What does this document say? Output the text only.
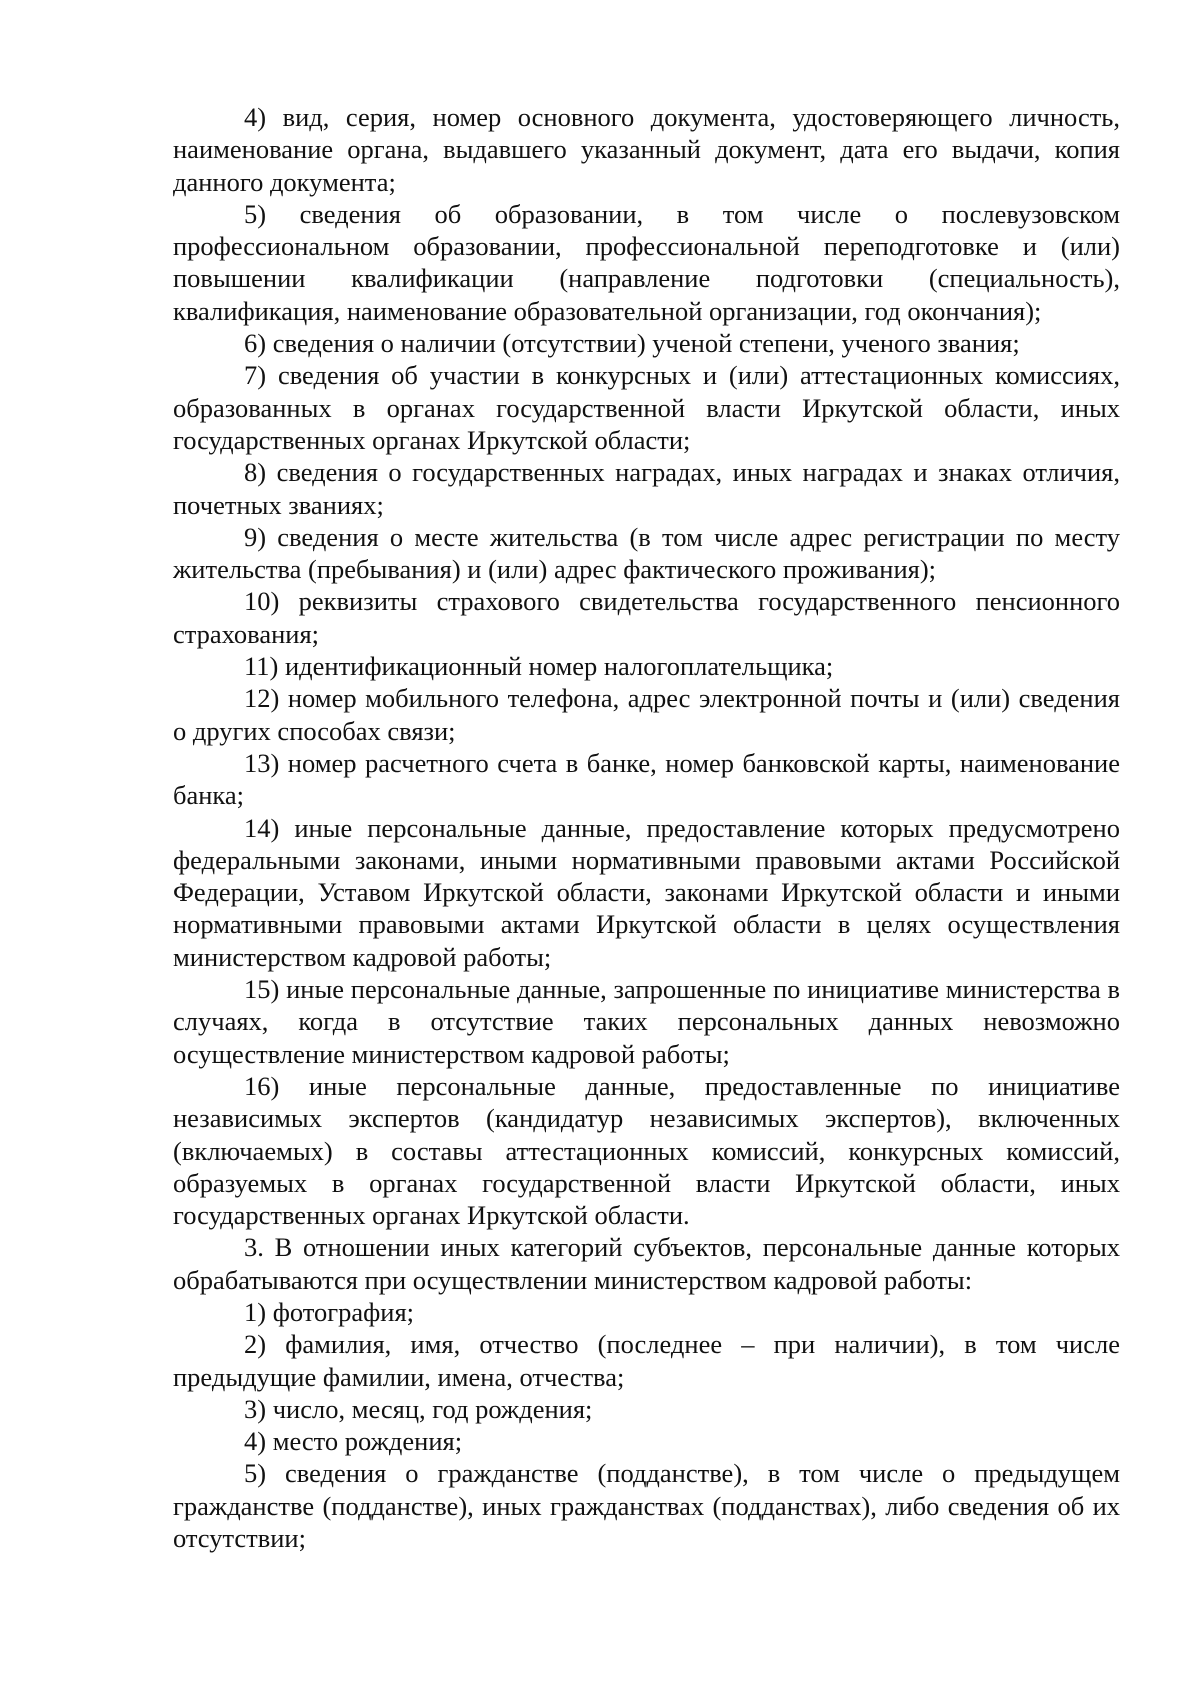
4) вид, серия, номер основного документа, удостоверяющего личность, наименование органа, выдавшего указанный документ, дата его выдачи, копия данного документа;

5) сведения об образовании, в том числе о послевузовском профессиональном образовании, профессиональной переподготовке и (или) повышении квалификации (направление подготовки (специальность), квалификация, наименование образовательной организации, год окончания);

6) сведения о наличии (отсутствии) ученой степени, ученого звания;

7) сведения об участии в конкурсных и (или) аттестационных комиссиях, образованных в органах государственной власти Иркутской области, иных государственных органах Иркутской области;

8) сведения о государственных наградах, иных наградах и знаках отличия, почетных званиях;

9) сведения о месте жительства (в том числе адрес регистрации по месту жительства (пребывания) и (или) адрес фактического проживания);

10) реквизиты страхового свидетельства государственного пенсионного страхования;

11) идентификационный номер налогоплательщика;

12) номер мобильного телефона, адрес электронной почты и (или) сведения о других способах связи;

13) номер расчетного счета в банке, номер банковской карты, наименование банка;

14) иные персональные данные, предоставление которых предусмотрено федеральными законами, иными нормативными правовыми актами Российской Федерации, Уставом Иркутской области, законами Иркутской области и иными нормативными правовыми актами Иркутской области в целях осуществления министерством кадровой работы;

15) иные персональные данные, запрошенные по инициативе министерства в случаях, когда в отсутствие таких персональных данных невозможно осуществление министерством кадровой работы;

16) иные персональные данные, предоставленные по инициативе независимых экспертов (кандидатур независимых экспертов), включенных (включаемых) в составы аттестационных комиссий, конкурсных комиссий, образуемых в органах государственной власти Иркутской области, иных государственных органах Иркутской области.

3. В отношении иных категорий субъектов, персональные данные которых обрабатываются при осуществлении министерством кадровой работы:

1) фотография;

2) фамилия, имя, отчество (последнее – при наличии), в том числе предыдущие фамилии, имена, отчества;

3) число, месяц, год рождения;

4) место рождения;

5) сведения о гражданстве (подданстве), в том числе о предыдущем гражданстве (подданстве), иных гражданствах (подданствах), либо сведения об их отсутствии;
